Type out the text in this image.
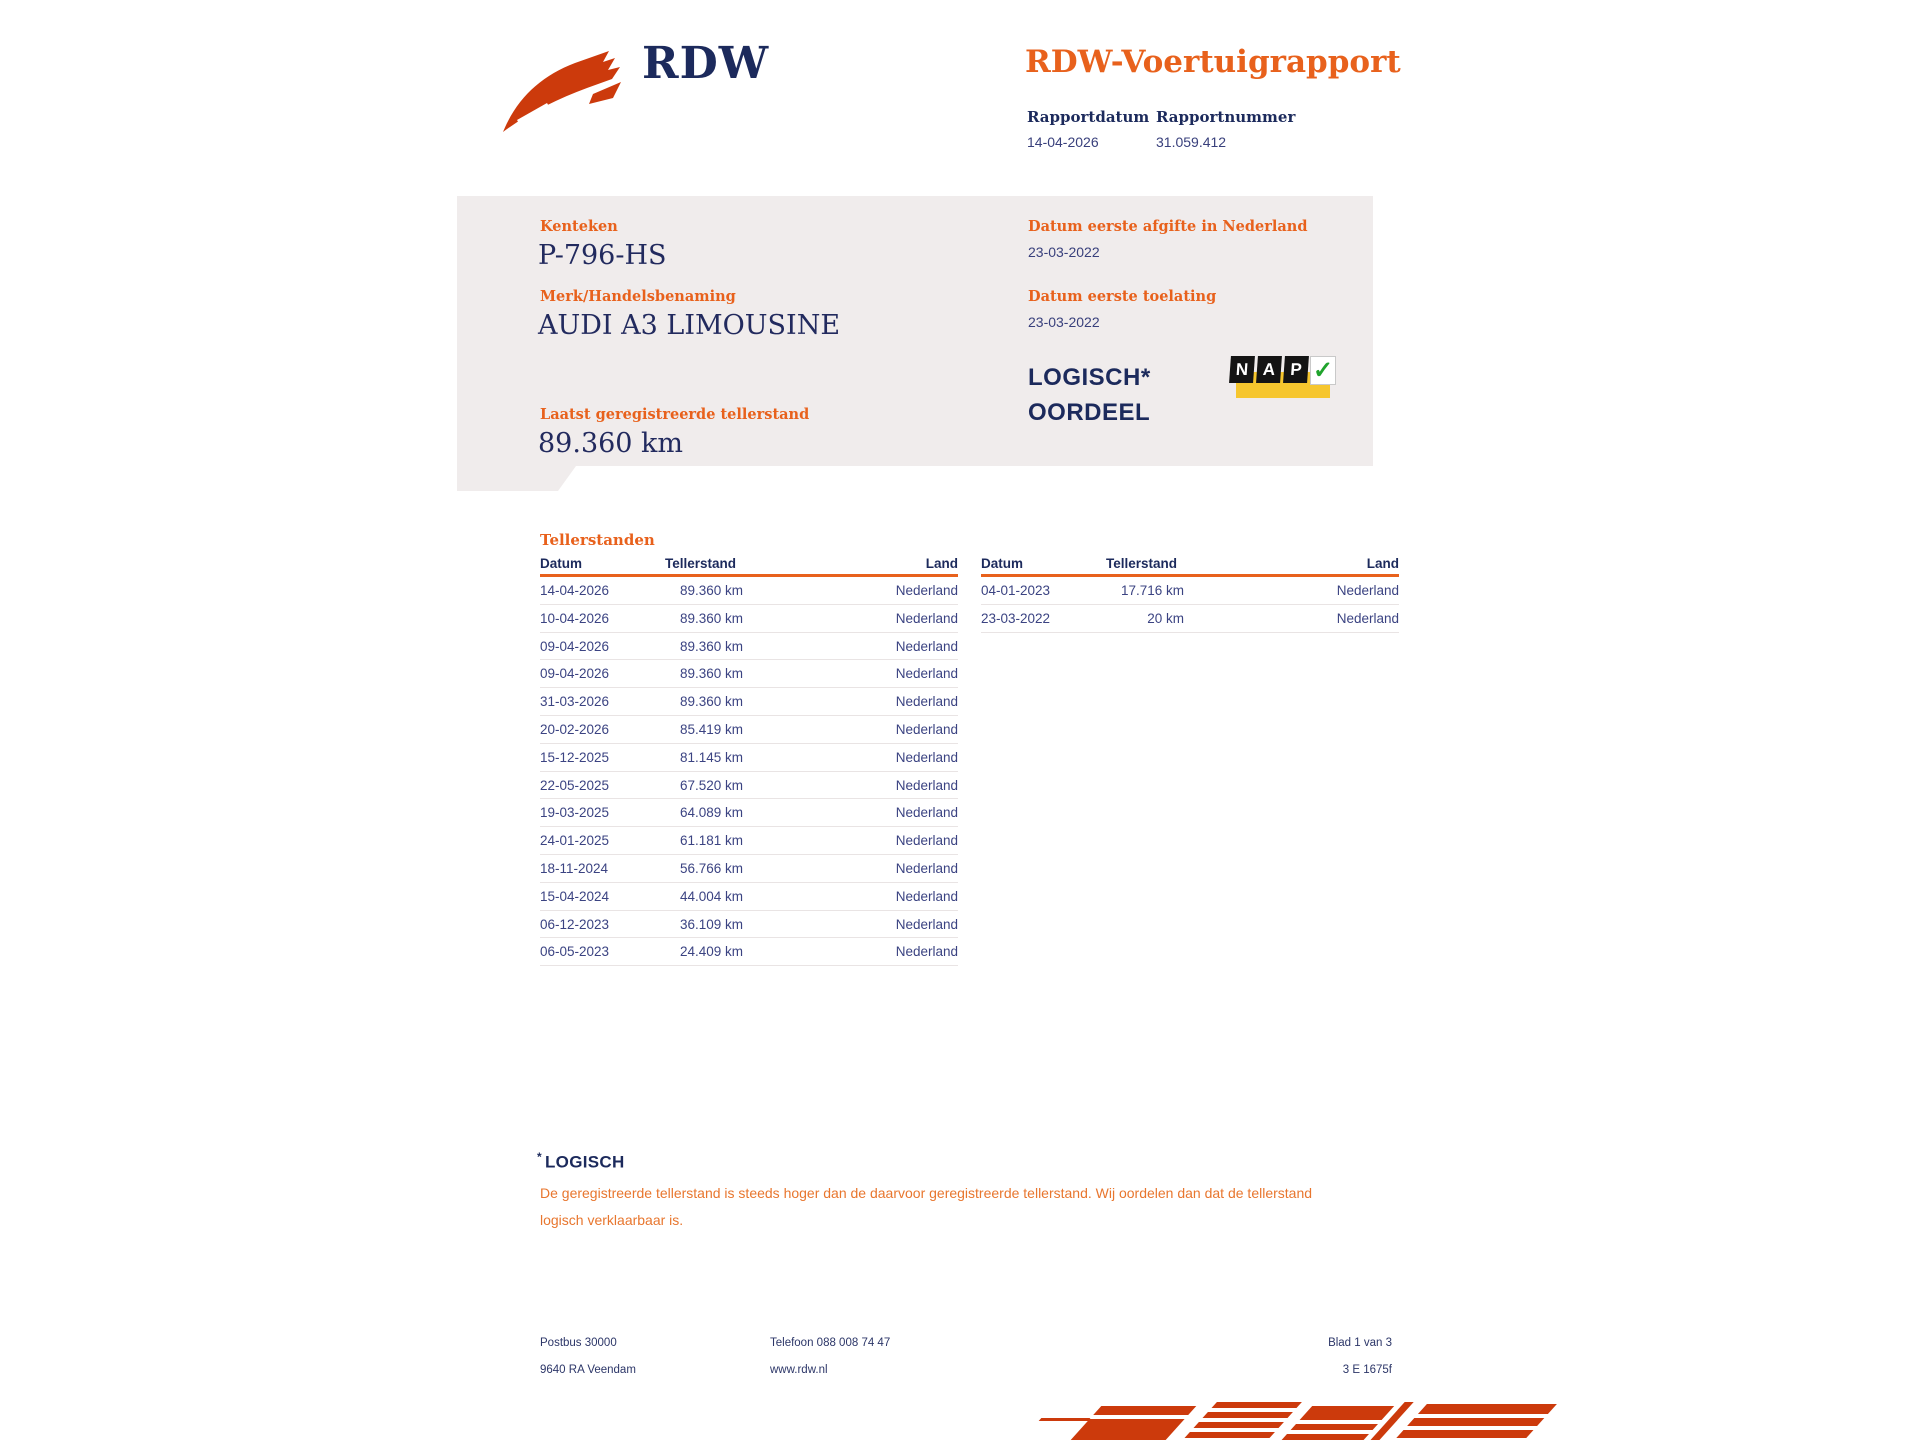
RDW	RDW-Voertuigrapport
Rapportdatum Rapportnummer
14-04-2026	31.059.412
Kenteken
P-796-HS
Merk/Handelsbenaming
AUDI A3 LIMOUSINE
Laatst geregistreerde tellerstand
89.360 km
Datum eerste afgifte in Nederland
23-03-2022
Datum eerste toelating
23-03-2022
LOGISCH*
OORDEEL
N A P ✓
Tellerstanden
Datum	Tellerstand	Land
14-04-2026	89.360 km	Nederland
10-04-2026	89.360 km	Nederland
09-04-2026	89.360 km	Nederland
09-04-2026	89.360 km	Nederland
31-03-2026	89.360 km	Nederland
20-02-2026	85.419 km	Nederland
15-12-2025	81.145 km	Nederland
22-05-2025	67.520 km	Nederland
19-03-2025	64.089 km	Nederland
24-01-2025	61.181 km	Nederland
18-11-2024	56.766 km	Nederland
15-04-2024	44.004 km	Nederland
06-12-2023	36.109 km	Nederland
06-05-2023	24.409 km	Nederland
Datum	Tellerstand	Land
04-01-2023	17.716 km	Nederland
23-03-2022	20 km	Nederland
* LOGISCH

De geregistreerde tellerstand is steeds hoger dan de daarvoor geregistreerde tellerstand. Wij oordelen dan dat de tellerstand logisch verklaarbaar is.

Postbus 30000
9640 RA Veendam
Telefoon 088 008 74 47
www.rdw.nl
Blad 1 van 3
3 E 1675f
